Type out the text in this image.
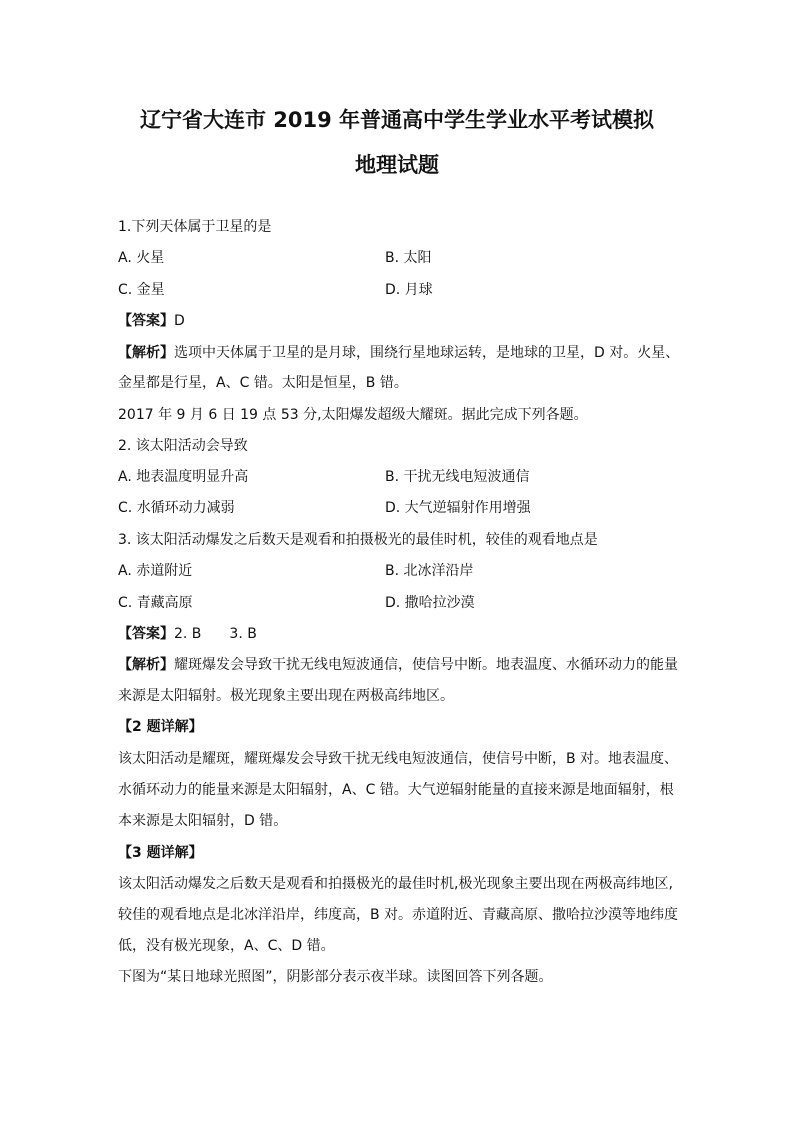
辽宁省大连市 2019 年普通高中学生学业水平考试模拟
地理试题
1.下列天体属于卫星的是
A. 火星	B. 太阳
C. 金星	D. 月球
【答案】D
【解析】选项中天体属于卫星的是月球，围绕行星地球运转，是地球的卫星，D 对。火星、
金星都是行星，A、C 错。太阳是恒星，B 错。
2017 年 9 月 6 日 19 点 53 分,太阳爆发超级大耀斑。据此完成下列各题。
2. 该太阳活动会导致
A. 地表温度明显升高	B. 干扰无线电短波通信
C. 水循环动力减弱	D. 大气逆辐射作用增强
3. 该太阳活动爆发之后数天是观看和拍摄极光的最佳时机，较佳的观看地点是
A. 赤道附近	B. 北冰洋沿岸
C. 青藏高原	D. 撒哈拉沙漠
【答案】2. B　　3. B
【解析】耀斑爆发会导致干扰无线电短波通信，使信号中断。地表温度、水循环动力的能量
来源是太阳辐射。极光现象主要出现在两极高纬地区。
【2 题详解】
该太阳活动是耀斑，耀斑爆发会导致干扰无线电短波通信，使信号中断，B 对。地表温度、
水循环动力的能量来源是太阳辐射，A、C 错。大气逆辐射能量的直接来源是地面辐射，根
本来源是太阳辐射，D 错。
【3 题详解】
该太阳活动爆发之后数天是观看和拍摄极光的最佳时机,极光现象主要出现在两极高纬地区,
较佳的观看地点是北冰洋沿岸，纬度高，B 对。赤道附近、青藏高原、撒哈拉沙漠等地纬度
低，没有极光现象，A、C、D 错。
下图为“某日地球光照图”，阴影部分表示夜半球。读图回答下列各题。
